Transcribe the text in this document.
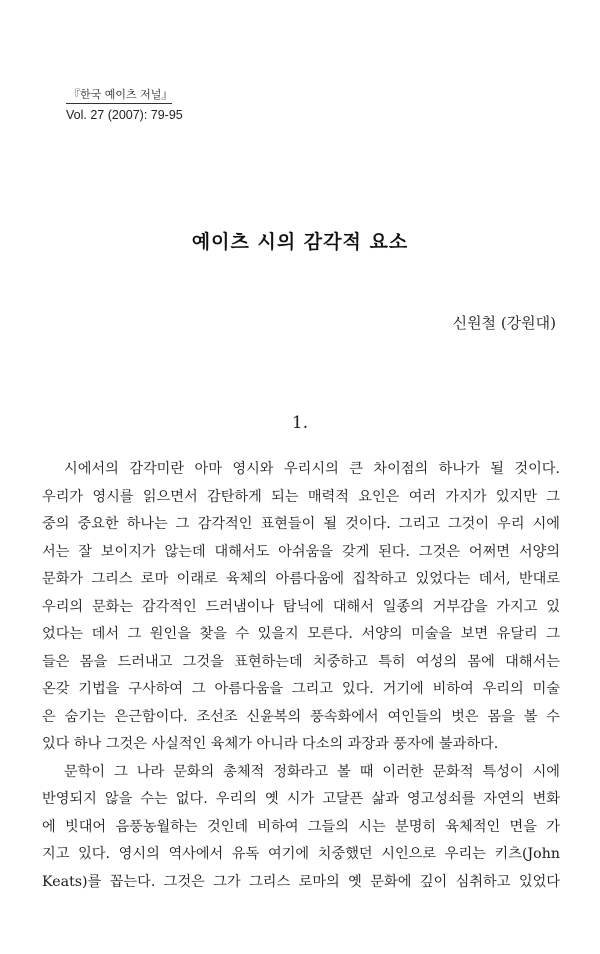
『한국 예이츠 저널』
Vol. 27 (2007): 79-95
예이츠 시의 감각적 요소
신원철 (강원대)
1.
시에서의 감각미란 아마 영시와 우리시의 큰 차이점의 하나가 될 것이다.
우리가 영시를 읽으면서 감탄하게 되는 매력적 요인은 여러 가지가 있지만 그
중의 중요한 하나는 그 감각적인 표현들이 될 것이다. 그리고 그것이 우리 시에
서는 잘 보이지가 않는데 대해서도 아쉬움을 갖게 된다. 그것은 어쩌면 서양의
문화가 그리스 로마 이래로 육체의 아름다움에 집착하고 있었다는 데서, 반대로
우리의 문화는 감각적인 드러냄이나 탐닉에 대해서 일종의 거부감을 가지고 있
었다는 데서 그 원인을 찾을 수 있을지 모른다. 서양의 미술을 보면 유달리 그
들은 몸을 드러내고 그것을 표현하는데 치중하고 특히 여성의 몸에 대해서는
온갖 기법을 구사하여 그 아름다움을 그리고 있다. 거기에 비하여 우리의 미술
은 숨기는 은근함이다. 조선조 신윤복의 풍속화에서 여인들의 벗은 몸을 볼 수
있다 하나 그것은 사실적인 육체가 아니라 다소의 과장과 풍자에 불과하다.
문학이 그 나라 문화의 총체적 정화라고 볼 때 이러한 문화적 특성이 시에
반영되지 않을 수는 없다. 우리의 옛 시가 고달픈 삶과 영고성쇠를 자연의 변화
에 빗대어 음풍농월하는 것인데 비하여 그들의 시는 분명히 육체적인 면을 가
지고 있다. 영시의 역사에서 유독 여기에 치중했던 시인으로 우리는 키츠(John
Keats)를 꼽는다. 그것은 그가 그리스 로마의 옛 문화에 깊이 심취하고 있었다
